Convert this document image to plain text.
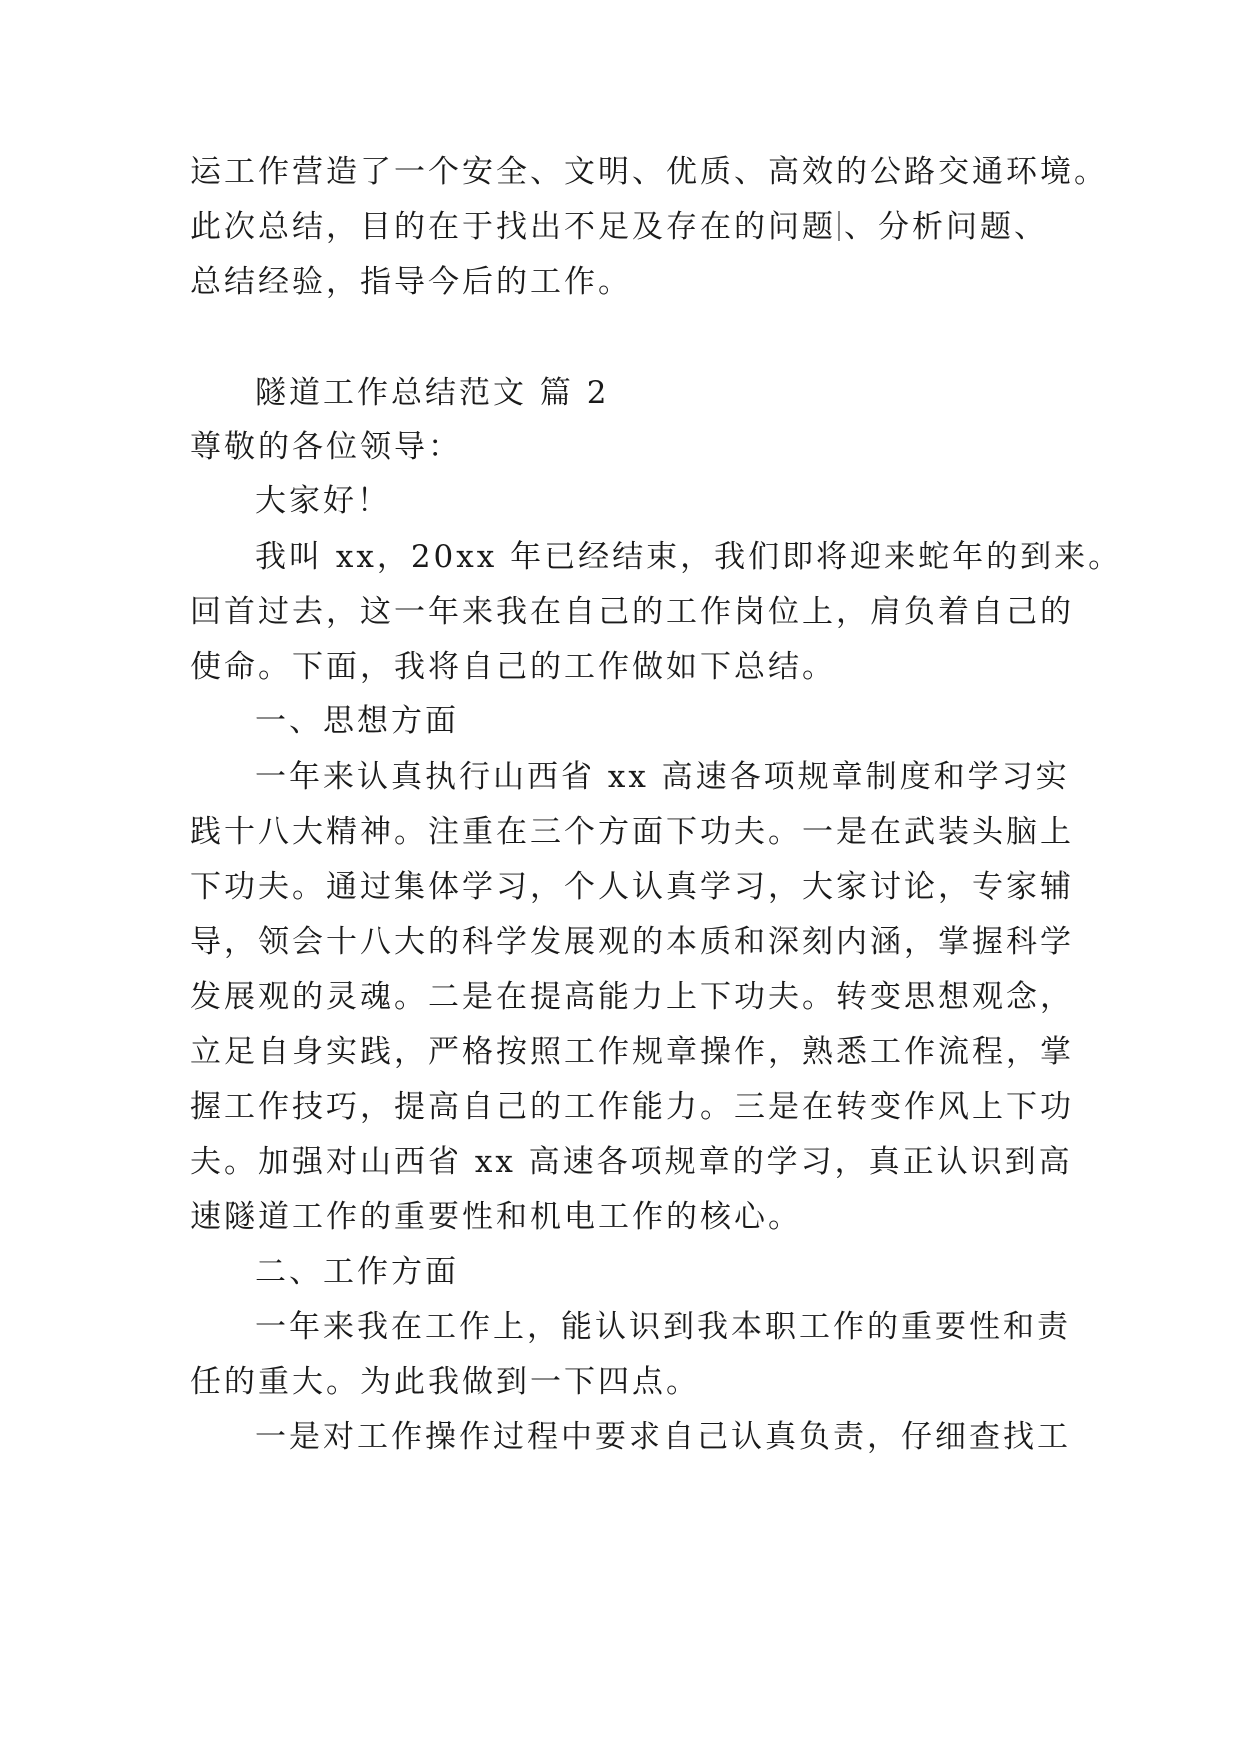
运工作营造了一个安全、文明、优质、高效的公路交通环境。
此次总结，目的在于找出不足及存在的问题 、分析问题、
总结经验，指导今后的工作。
隧道工作总结范文 篇 2
尊敬的各位领导：
大家好！
我叫 xx，20xx 年已经结束，我们即将迎来蛇年的到来。
回首过去，这一年来我在自己的工作岗位上，肩负着自己的
使命。下面，我将自己的工作做如下总结。
一、思想方面
一年来认真执行山西省 xx 高速各项规章制度和学习实
践十八大精神。注重在三个方面下功夫。一是在武装头脑上
下功夫。通过集体学习，个人认真学习，大家讨论，专家辅
导，领会十八大的科学发展观的本质和深刻内涵，掌握科学
发展观的灵魂。二是在提高能力上下功夫。转变思想观念，
立足自身实践，严格按照工作规章操作，熟悉工作流程，掌
握工作技巧，提高自己的工作能力。三是在转变作风上下功
夫。加强对山西省 xx 高速各项规章的学习，真正认识到高
速隧道工作的重要性和机电工作的核心。
二、工作方面
一年来我在工作上，能认识到我本职工作的重要性和责
任的重大。为此我做到一下四点。
一是对工作操作过程中要求自己认真负责，仔细查找工
